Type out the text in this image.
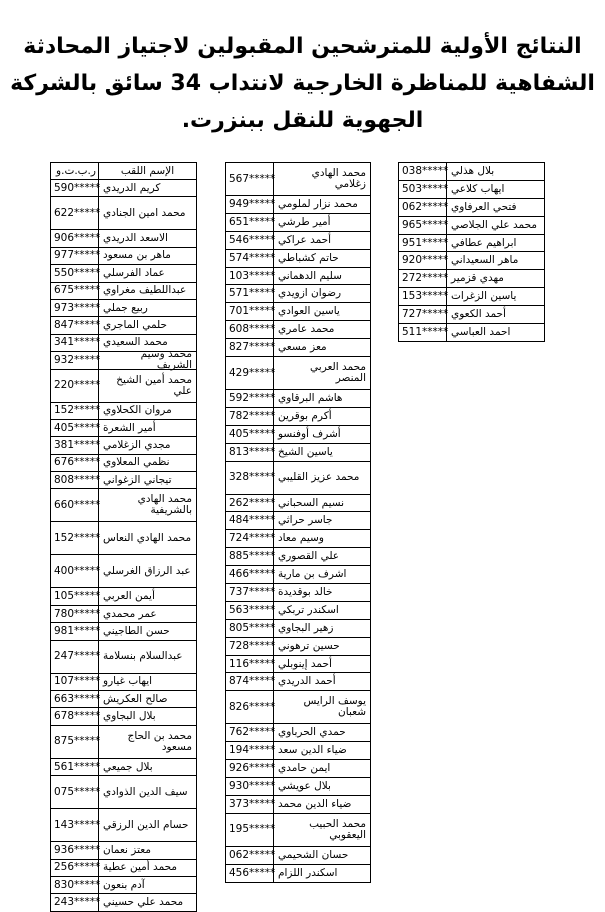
النتائج الأولية للمترشحين المقبولين لاجتياز المحادثة الشفاهية للمناظرة الخارجية لانتداب 34 سائق بالشركة الجهوية للنقل ببنزرت.
ر.ب.ت.و	الإسم اللقب
590***** كريم الدريدي
622***** محمد امين الجنادي
906***** الاسعد الدريدي
977***** ماهر بن مسعود
550***** عماد الفرسلي
675***** عبداللطيف مغراوي
973***** ربيع جملي
847***** حلمي الماجري
341***** محمد السعيدي
932*****	محمد وسيم الشريف
220*****	محمد أمين الشيخ علي
152***** مروان الكحلاوي
405***** أمير الشعرة
381***** مجدي الزغلامي
676***** نظمي المعلاوي
808***** تيجاني الزغواني
660*****	محمد الهادي بالشريفية
152***** محمد الهادي النعاس
400***** عبد الرزاق الغرسلي
105***** أيمن العربي
780***** عمر محمدي
981***** حسن الطاجيني
247***** عبدالسلام بنسلامة
107***** ايهاب غيارو
663***** صالح العكريش
678***** بلال البجاوي
875*****	محمد بن الحاج مسعود
561***** بلال جميعي
075***** سيف الدين الذوادي
143***** حسام الدين الرزقي
936***** معتز نعمان
256***** محمد أمين عطية
830***** آدم بنعون
243***** محمد علي حسيني
567*****	محمد الهادي زغلامي
949***** محمد نزار لملومي
651***** أمير طرشي
546***** أحمد عراكي
574***** حاتم كشباطي
103***** سليم الدهماني
571***** رضوان ازويدي
701***** ياسين العوادي
608***** محمد عامري
827***** معز مسعي
429*****	محمد العربي المنصر
592***** هاشم البرقاوي
782***** أكرم بوقرين
405***** أشرف أوفنسو
813***** ياسين الشيخ
328***** محمد عزيز القليبي
262***** نسيم السحباني
484***** جاسر حراثي
724***** وسيم معاد
885***** علي القصوري
466***** اشرف بن مارية
737***** خالد بوقديدة
563***** اسكندر تربكي
805***** زهير البجاوي
728***** حسين ترهوني
116***** أحمد إينوبلي
874***** أحمد الدريدي
826*****	يوسف الرايس شعبان
762***** حمدي الحرباوي
194***** ضياء الدين سعد
926***** ايمن حامدي
930***** بلال عويشي
373***** ضياء الدين محمد
195*****	محمد الحبيب اليعقوبي
062***** حسان الشحيمي
456***** اسكندر اللزام
038***** بلال هذلي
503***** ايهاب كلاعي
062***** فتحي العرفاوي
965***** محمد علي الجلاصي
951***** ابراهيم عطافي
920***** ماهر السعيداني
272***** مهدي قزمير
153***** ياسين الزغرات
727***** أحمد الكعوي
511***** احمد العباسي
